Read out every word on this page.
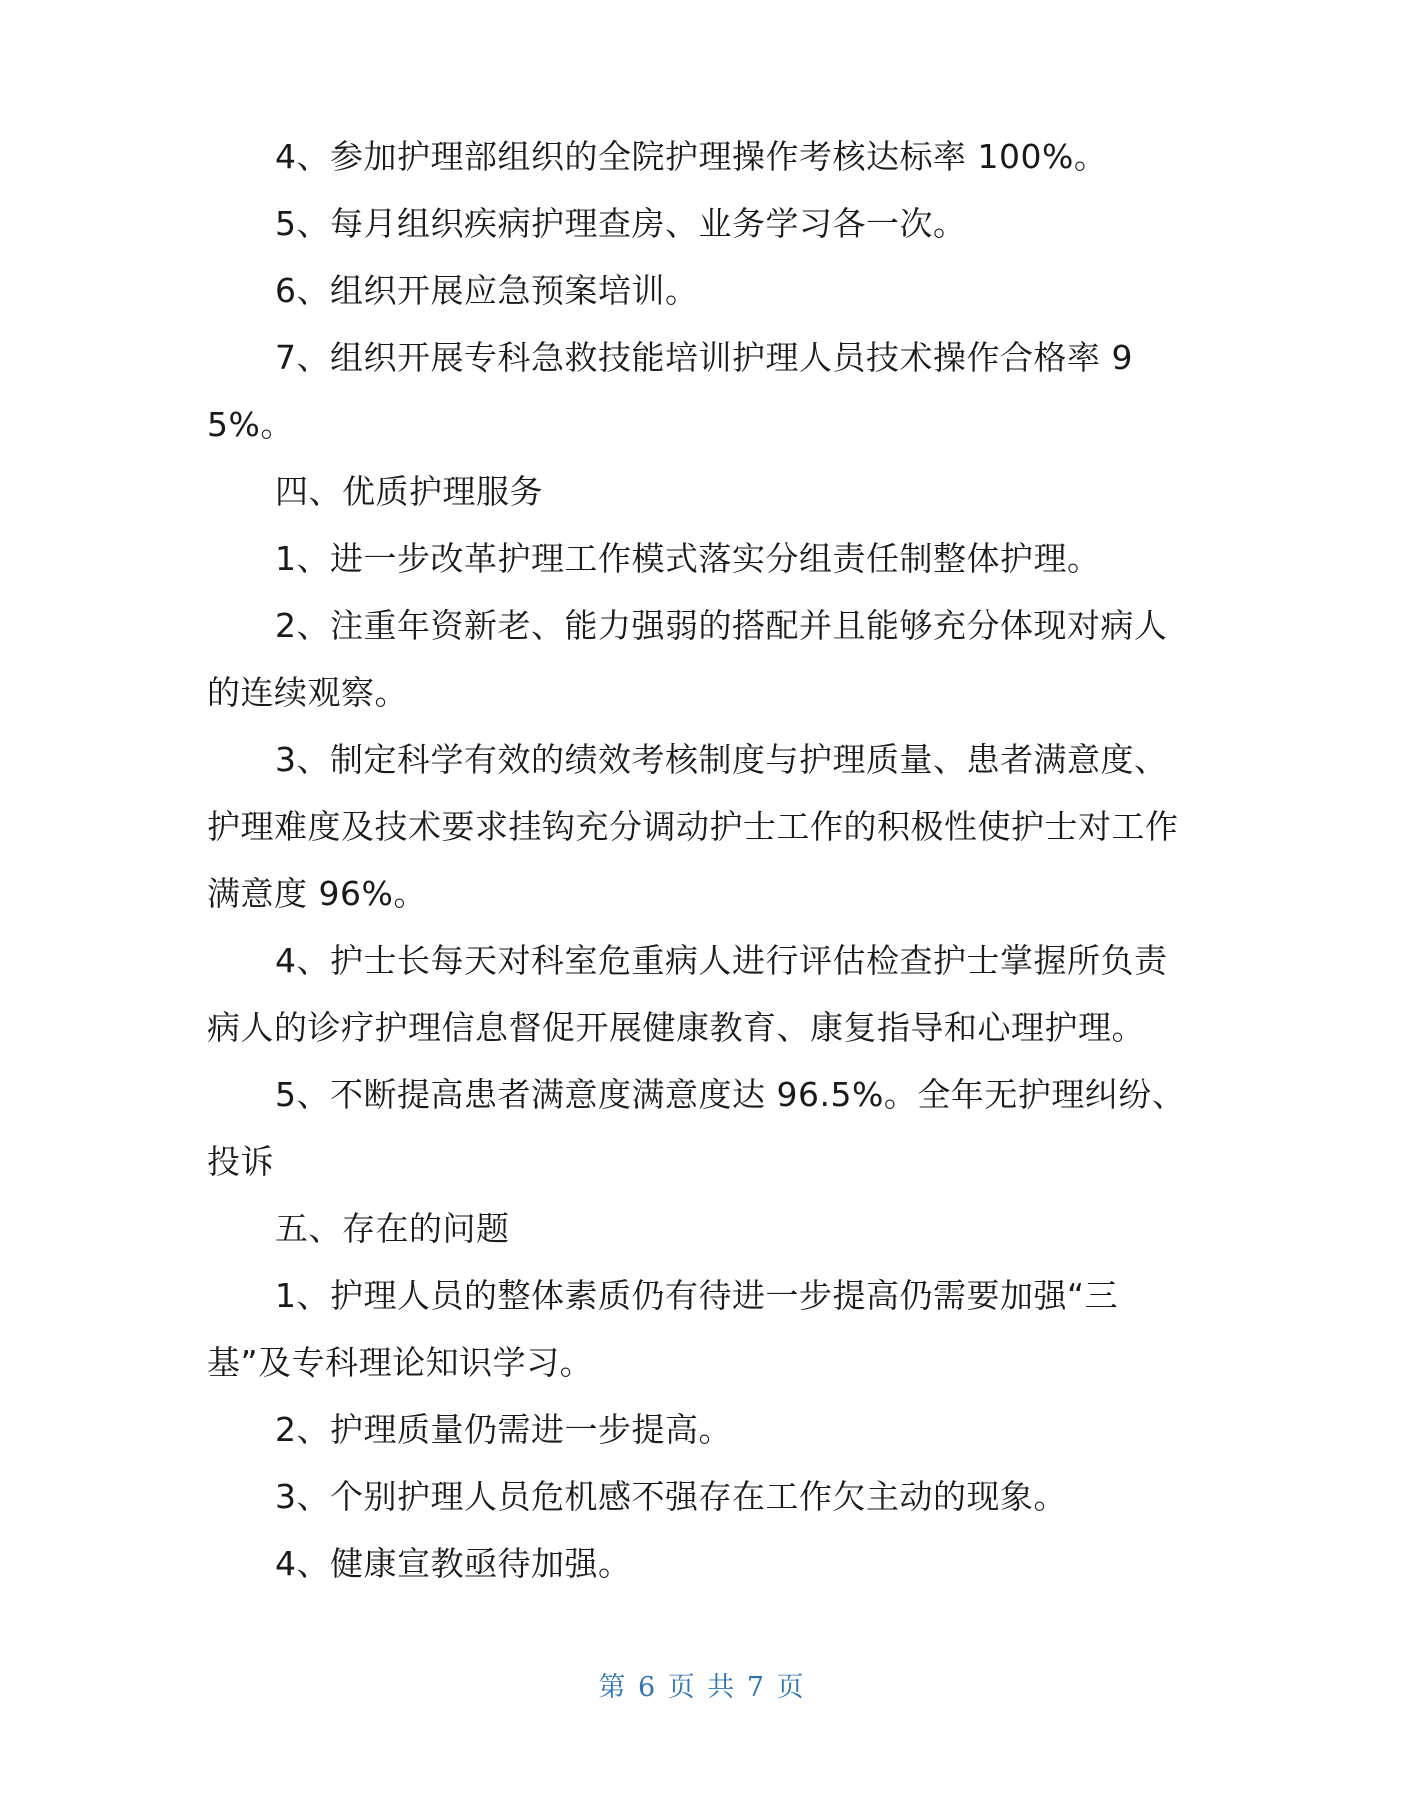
4、参加护理部组织的全院护理操作考核达标率 100%。

5、每月组织疾病护理查房、业务学习各一次。

6、组织开展应急预案培训。

7、组织开展专科急救技能培训护理人员技术操作合格率 95%。

四、优质护理服务

1、进一步改革护理工作模式落实分组责任制整体护理。

2、注重年资新老、能力强弱的搭配并且能够充分体现对病人的连续观察。

3、制定科学有效的绩效考核制度与护理质量、患者满意度、护理难度及技术要求挂钩充分调动护士工作的积极性使护士对工作满意度 96%。

4、护士长每天对科室危重病人进行评估检查护士掌握所负责病人的诊疗护理信息督促开展健康教育、康复指导和心理护理。

5、不断提高患者满意度满意度达 96.5%。全年无护理纠纷、投诉

五、存在的问题

1、护理人员的整体素质仍有待进一步提高仍需要加强“三基”及专科理论知识学习。

2、护理质量仍需进一步提高。

3、个别护理人员危机感不强存在工作欠主动的现象。

4、健康宣教亟待加强。

第 6 页 共 7 页
